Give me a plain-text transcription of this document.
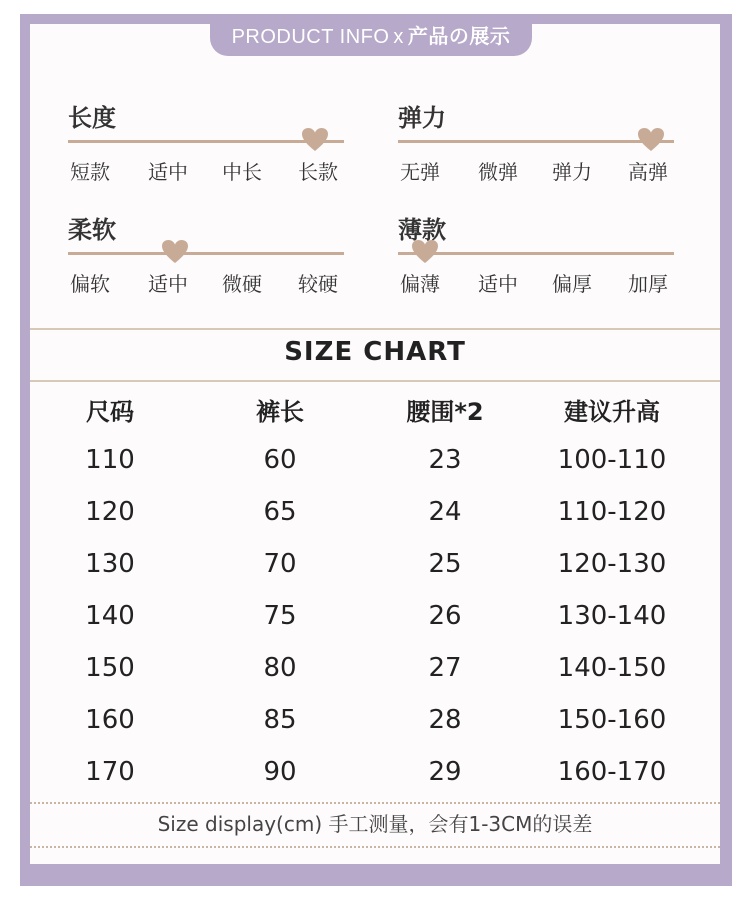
PRODUCT INFO x 产品の展示
长度
短款 适中 中长 长款
弹力
无弹 微弹 弹力 高弹
柔软
偏软 适中 微硬 较硬
薄款
偏薄 适中 偏厚 加厚
SIZE CHART
尺码	裤长	腰围*2	建议升高
110	60	23	100-110
120	65	24	110-120
130	70	25	120-130
140	75	26	130-140
150	80	27	140-150
160	85	28	150-160
170	90	29	160-170
Size display(cm) 手工测量，会有1-3CM的误差
